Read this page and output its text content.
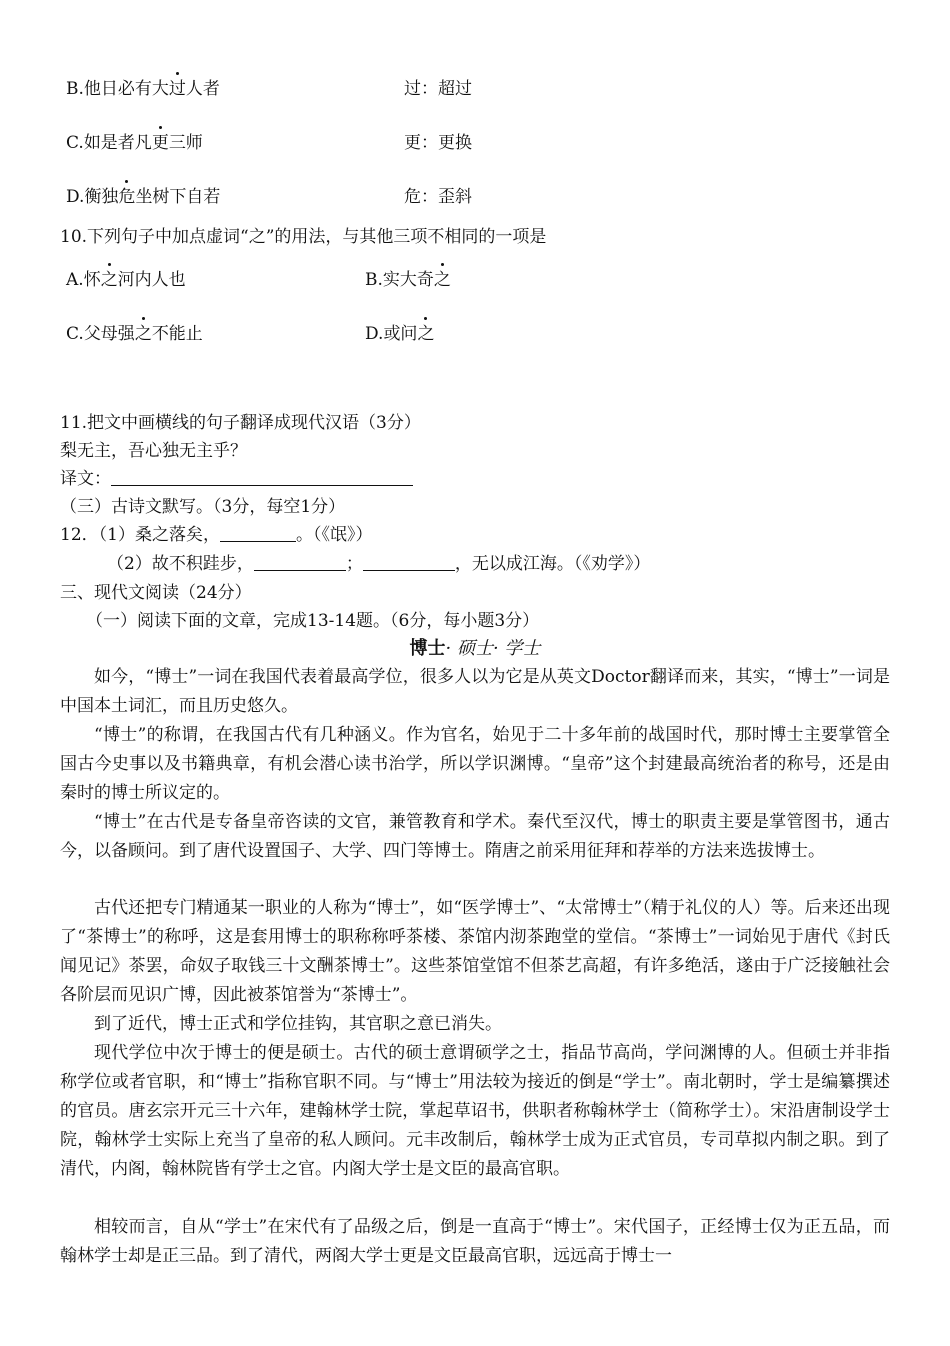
B.他日必有大过人者	过：超过
C.如是者凡更三师	更：更换
D.衡独危坐树下自若	危：歪斜
10.下列句子中加点虚词“之”的用法，与其他三项不相同的一项是
A.怀之河内人也	B.实大奇之
C.父母强之不能止	D.或问之
11.把文中画横线的句子翻译成现代汉语（3分）
梨无主，吾心独无主乎？
译文：
（三）古诗文默写。（3分，每空1分）
12．（1）桑之落矣，	。（《氓》）
（2）故不积跬步，	；	，无以成江海。（《劝学》）
三、现代文阅读（24分）
（一）阅读下面的文章，完成13-14题。（6分，每小题3分）
博士· 硕士· 学士
如今，“博士”一词在我国代表着最高学位，很多人以为它是从英文Doctor翻译而来，其实，“博士”一词是中国本土词汇，而且历史悠久。
“博士”的称谓，在我国古代有几种涵义。作为官名，始见于二十多年前的战国时代，那时博士主要掌管全国古今史事以及书籍典章，有机会潜心读书治学，所以学识渊博。“皇帝”这个封建最高统治者的称号，还是由秦时的博士所议定的。
“博士”在古代是专备皇帝咨读的文官，兼管教育和学术。秦代至汉代，博士的职责主要是掌管图书，通古今，以备顾问。到了唐代设置国子、大学、四门等博士。隋唐之前采用征拜和荐举的方法来选拔博士。
古代还把专门精通某一职业的人称为“博士”，如“医学博士”、“太常博士”（精于礼仪的人）等。后来还出现了“茶博士”的称呼，这是套用博士的职称称呼茶楼、茶馆内沏茶跑堂的堂信。“茶博士”一词始见于唐代《封氏闻见记》茶罢，命奴子取钱三十文酬茶博士”。这些茶馆堂馆不但茶艺高超，有许多绝活，遂由于广泛接触社会各阶层而见识广博，因此被茶馆誉为“茶博士”。
到了近代，博士正式和学位挂钩，其官职之意已消失。
现代学位中次于博士的便是硕士。古代的硕士意谓硕学之士，指品节高尚，学问渊博的人。但硕士并非指称学位或者官职，和“博士”指称官职不同。与“博士”用法较为接近的倒是“学士”。南北朝时，学士是编纂撰述的官员。唐玄宗开元三十六年，建翰林学士院，掌起草诏书，供职者称翰林学士（简称学士）。宋沿唐制设学士院，翰林学士实际上充当了皇帝的私人顾问。元丰改制后，翰林学士成为正式官员，专司草拟内制之职。到了清代，内阁，翰林院皆有学士之官。内阁大学士是文臣的最高官职。
相较而言，自从“学士”在宋代有了品级之后，倒是一直高于“博士”。宋代国子，正经博士仅为正五品，而翰林学士却是正三品。到了清代，两阁大学士更是文臣最高官职，远远高于博士一
